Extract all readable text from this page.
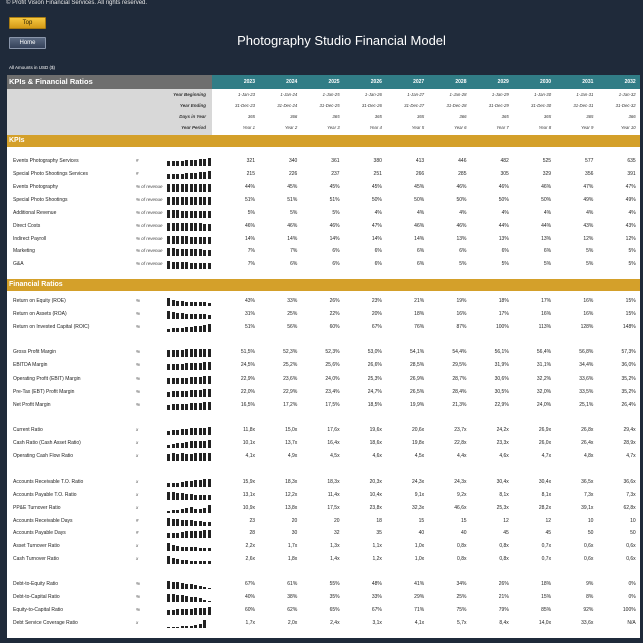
© Profit Vision Financial Services. All rights reserved.
Top
Home	Photography Studio Financial Model
All Amounts in USD ($)
KPIs & Financial Ratios	2023	2024	2025	2026	2027	2028	2029	2030	2031	2032
Year Beginning	1-Jan-23	1-Jan-24	1-Jan-25	1-Jan-26	1-Jan-27	1-Jan-28	1-Jan-29	1-Jan-30	1-Jan-31	1-Jan-32
Year Ending	31-Dec-23	31-Dec-24	31-Dec-25	31-Dec-26	31-Dec-27	31-Dec-28	31-Dec-29	31-Dec-30	31-Dec-31	31-Dec-32
Days in Year	365	366	365	365	365	366	365	365	365	366
Year Period	Year 1	Year 2	Year 3	Year 4	Year 5	Year 6	Year 7	Year 8	Year 9	Year 10
KPIs
Events Photography Services	#	321	340	361	380	413	446	482	525	577	635
Special Photo Shootings Services	#	215	226	237	251	266	285	305	329	356	391
Events Photography	% of revenue	44%	45%	45%	45%	45%	46%	46%	46%	47%	47%
Special Photo Shootings	% of revenue	51%	51%	51%	50%	50%	50%	50%	50%	49%	49%
Additional Revenue	% of revenue	5%	5%	5%	4%	4%	4%	4%	4%	4%	4%
Direct Costs	% of revenue	46%	46%	46%	47%	46%	46%	44%	44%	43%	43%
Indirect Payroll	% of revenue	14%	14%	14%	14%	14%	13%	13%	13%	12%	12%
Marketing	% of revenue	7%	7%	6%	6%	6%	6%	6%	6%	5%	5%
G&A	% of revenue	7%	6%	6%	6%	6%	5%	5%	5%	5%	5%
Financial Ratios
Return on Equity (ROE)	%	43%	33%	26%	23%	21%	19%	18%	17%	16%	15%
Return on Assets (ROA)	%	31%	25%	22%	20%	18%	16%	17%	16%	16%	15%
Return on Invested Capital (ROIC)	%	51%	56%	60%	67%	76%	87%	100%	113%	128%	148%
Gross Profit Margin	%	51,5%	52,3%	52,3%	53,0%	54,1%	54,4%	56,1%	56,4%	56,8%	57,3%
EBITDA Margin	%	24,5%	25,2%	25,6%	26,6%	28,5%	29,5%	31,9%	31,1%	34,4%	36,0%
Operating Profit (EBIT) Margin	%	22,9%	23,6%	24,0%	25,3%	26,9%	28,7%	30,6%	32,2%	33,6%	35,2%
Pre-Tax (EBT) Profit Margin	%	22,0%	22,9%	23,4%	24,7%	26,5%	28,4%	30,5%	32,0%	33,5%	35,2%
Net Profit Margin	%	16,5%	17,2%	17,5%	18,5%	19,9%	21,3%	22,9%	24,0%	25,1%	26,4%
Current Ratio	x	11,8x	15,0x	17,6x	19,6x	20,6x	23,7x	24,2x	26,9x	26,8x	29,4x
Cash Ratio (Cash Asset Ratio)	x	10,1x	13,7x	16,4x	18,6x	19,8x	22,8x	23,3x	26,0x	26,4x	28,9x
Operating Cash Flow Ratio	x	4,1x	4,9x	4,5x	4,6x	4,5x	4,4x	4,6x	4,7x	4,8x	4,7x
Accounts Receivable T.O. Ratio	x	15,9x	18,3x	18,3x	20,3x	24,3x	24,3x	30,4x	30,4x	36,5x	36,6x
Accounts Payable T.O. Ratio	x	13,1x	12,2x	11,4x	10,4x	9,1x	9,2x	8,1x	8,1x	7,3x	7,3x
PP&E Turnover Ratio	x	10,9x	13,8x	17,5x	23,8x	32,3x	46,6x	25,3x	28,2x	39,1x	62,8x
Accounts Receivable Days	#	23	20	20	18	15	15	12	12	10	10
Accounts Payable Days	#	28	30	32	35	40	40	45	45	50	50
Asset Turnover Ratio	x	2,2x	1,7x	1,3x	1,1x	1,0x	0,8x	0,8x	0,7x	0,6x	0,6x
Cash Turnover Ratio	x	2,6x	1,8x	1,4x	1,2x	1,0x	0,8x	0,8x	0,7x	0,6x	0,6x
Debt-to-Equity Ratio	%	67%	61%	55%	48%	41%	34%	26%	18%	9%	0%
Debt-to-Capital Ratio	%	40%	38%	35%	33%	29%	25%	21%	15%	8%	0%
Equity-to-Capital Ratio	%	60%	62%	65%	67%	71%	75%	79%	85%	92%	100%
Debt Service Coverage Ratio	x	1,7x	2,0x	2,4x	3,1x	4,1x	5,7x	8,4x	14,0x	33,6x	N/A
